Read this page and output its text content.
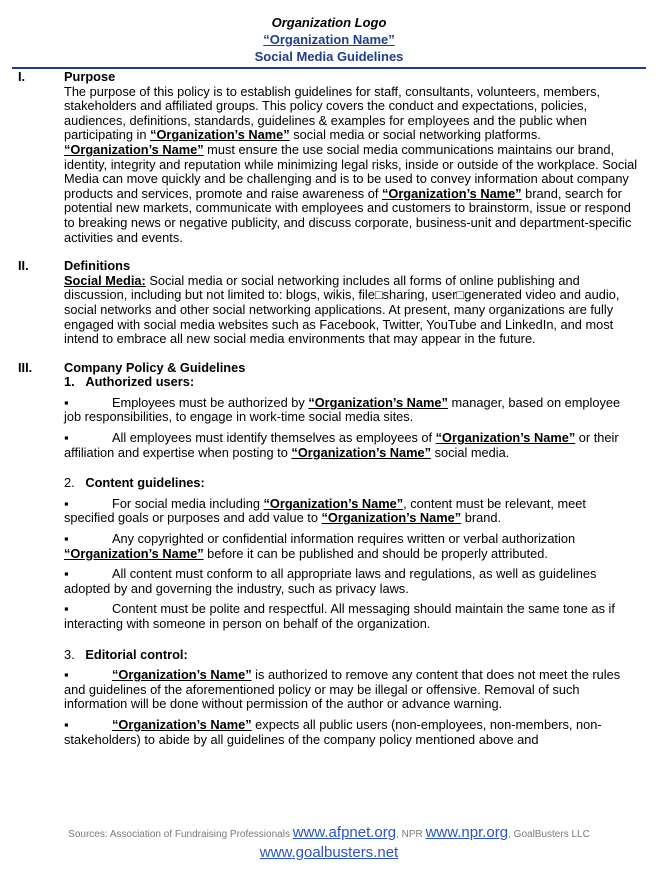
Organization Logo
“Organization Name”
Social Media Guidelines
I.	Purpose

The purpose of this policy is to establish guidelines for staff, consultants, volunteers, members, stakeholders and affiliated groups. This policy covers the conduct and expectations, policies, audiences, definitions, standards, guidelines & examples for employees and the public when participating in “Organization’s Name” social media or social networking platforms. “Organization’s Name” must ensure the use social media communications maintains our brand, identity, integrity and reputation while minimizing legal risks, inside or outside of the workplace. Social Media can move quickly and be challenging and is to be used to convey information about company products and services, promote and raise awareness of “Organization’s Name” brand, search for potential new markets, communicate with employees and customers to brainstorm, issue or respond to breaking news or negative publicity, and discuss corporate, business-unit and department-specific activities and events.

II.	Definitions

Social Media: Social media or social networking includes all forms of online publishing and discussion, including but not limited to: blogs, wikis, file□sharing, user□generated video and audio, social networks and other social networking applications. At present, many organizations are fully engaged with social media websites such as Facebook, Twitter, YouTube and LinkedIn, and most intend to embrace all new social media environments that may appear in the future.

III. Company Policy & Guidelines
1. Authorized users:
▪	Employees must be authorized by “Organization’s Name” manager, based on employee job responsibilities, to engage in work-time social media sites.
▪	All employees must identify themselves as employees of “Organization’s Name” or their affiliation and expertise when posting to “Organization’s Name” social media.
2. Content guidelines:
▪	For social media including “Organization’s Name”, content must be relevant, meet specified goals or purposes and add value to “Organization’s Name” brand.
▪	Any copyrighted or confidential information requires written or verbal authorization “Organization’s Name” before it can be published and should be properly attributed.
▪	All content must conform to all appropriate laws and regulations, as well as guidelines adopted by and governing the industry, such as privacy laws.
▪	Content must be polite and respectful. All messaging should maintain the same tone as if interacting with someone in person on behalf of the organization.
3. Editorial control:
▪	“Organization’s Name” is authorized to remove any content that does not meet the rules and guidelines of the aforementioned policy or may be illegal or offensive. Removal of such information will be done without permission of the author or advance warning.
▪	“Organization’s Name” expects all public users (non-employees, non-members, non-stakeholders) to abide by all guidelines of the company policy mentioned above and
Sources: Association of Fundraising Professionals www.afpnet.org, NPR www.npr.org, GoalBusters LLC
www.goalbusters.net
